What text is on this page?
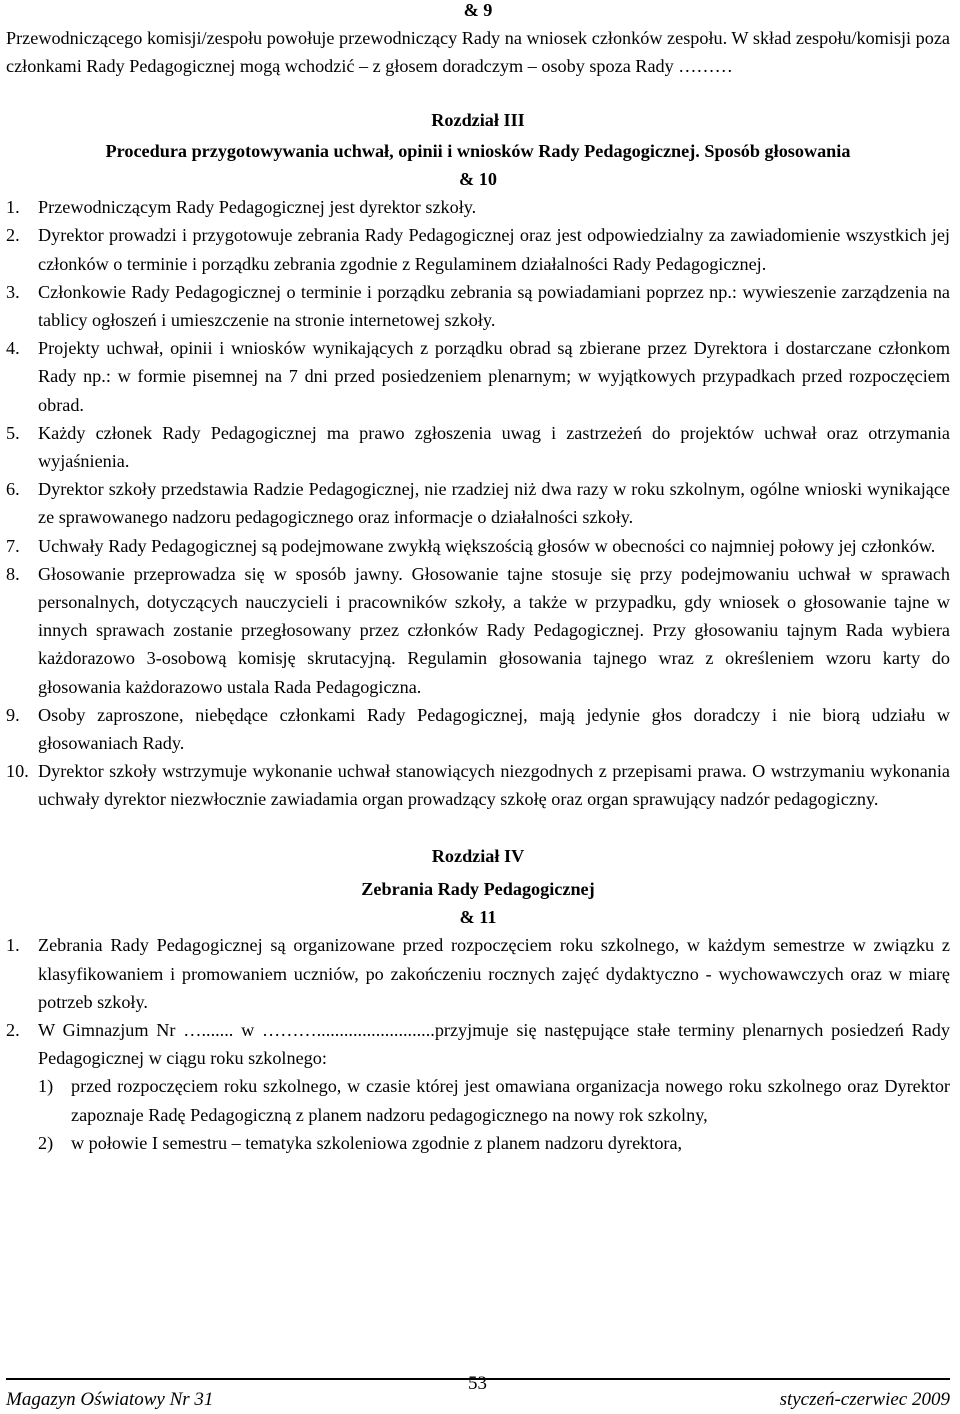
& 9

Przewodniczącego komisji/zespołu powołuje przewodniczący Rady na wniosek członków zespołu. W skład zespołu/komisji poza członkami Rady Pedagogicznej mogą wchodzić – z głosem doradczym – osoby spoza Rady ………

Rozdział III

Procedura przygotowywania uchwał, opinii i wniosków Rady Pedagogicznej. Sposób głosowania

& 10

1.	Przewodniczącym Rady Pedagogicznej jest dyrektor szkoły.
2.	Dyrektor prowadzi i przygotowuje zebrania Rady Pedagogicznej oraz jest odpowiedzialny za zawiadomienie wszystkich jej członków o terminie i porządku zebrania zgodnie z Regulaminem działalności Rady Pedagogicznej.
3.	Członkowie Rady Pedagogicznej o terminie i porządku zebrania są powiadamiani poprzez np.: wywieszenie zarządzenia na tablicy ogłoszeń i umieszczenie na stronie internetowej szkoły.
4.	Projekty uchwał, opinii i wniosków wynikających z porządku obrad są zbierane przez Dyrektora i dostarczane członkom Rady np.: w formie pisemnej na 7 dni przed posiedzeniem plenarnym; w wyjątkowych przypadkach przed rozpoczęciem obrad.
5.	Każdy członek Rady Pedagogicznej ma prawo zgłoszenia uwag i zastrzeżeń do projektów uchwał oraz otrzymania wyjaśnienia.
6.	Dyrektor szkoły przedstawia Radzie Pedagogicznej, nie rzadziej niż dwa razy w roku szkolnym, ogólne wnioski wynikające ze sprawowanego nadzoru pedagogicznego oraz informacje o działalności szkoły.
7.	Uchwały Rady Pedagogicznej są podejmowane zwykłą większością głosów w obecności co najmniej połowy jej członków.
8.	Głosowanie przeprowadza się w sposób jawny. Głosowanie tajne stosuje się przy podejmowaniu uchwał w sprawach personalnych, dotyczących nauczycieli i pracowników szkoły, a także w przypadku, gdy wniosek o głosowanie tajne w innych sprawach zostanie przegłosowany przez członków Rady Pedagogicznej. Przy głosowaniu tajnym Rada wybiera każdorazowo 3-osobową komisję skrutacyjną. Regulamin głosowania tajnego wraz z określeniem wzoru karty do głosowania każdorazowo ustala Rada Pedagogiczna.
9.	Osoby zaproszone, niebędące członkami Rady Pedagogicznej, mają jedynie głos doradczy i nie biorą udziału w głosowaniach Rady.
10. Dyrektor szkoły wstrzymuje wykonanie uchwał stanowiących niezgodnych z przepisami prawa. O wstrzymaniu wykonania uchwały dyrektor niezwłocznie zawiadamia organ prowadzący szkołę oraz organ sprawujący nadzór pedagogiczny.

Rozdział IV

Zebrania Rady Pedagogicznej

& 11

1.	Zebrania Rady Pedagogicznej są organizowane przed rozpoczęciem roku szkolnego, w każdym semestrze w związku z klasyfikowaniem i promowaniem uczniów, po zakończeniu rocznych zajęć dydaktyczno - wychowawczych oraz w miarę potrzeb szkoły.
2.	W Gimnazjum Nr …....... w ………..........................przyjmuje się następujące stałe terminy plenarnych posiedzeń Rady Pedagogicznej w ciągu roku szkolnego:
1) przed rozpoczęciem roku szkolnego, w czasie której jest omawiana organizacja nowego roku szkolnego oraz Dyrektor zapoznaje Radę Pedagogiczną z planem nadzoru pedagogicznego na nowy rok szkolny,
2) w połowie I semestru – tematyka szkoleniowa zgodnie z planem nadzoru dyrektora,
Magazyn Oświatowy Nr 31
53
styczeń-czerwiec 2009
